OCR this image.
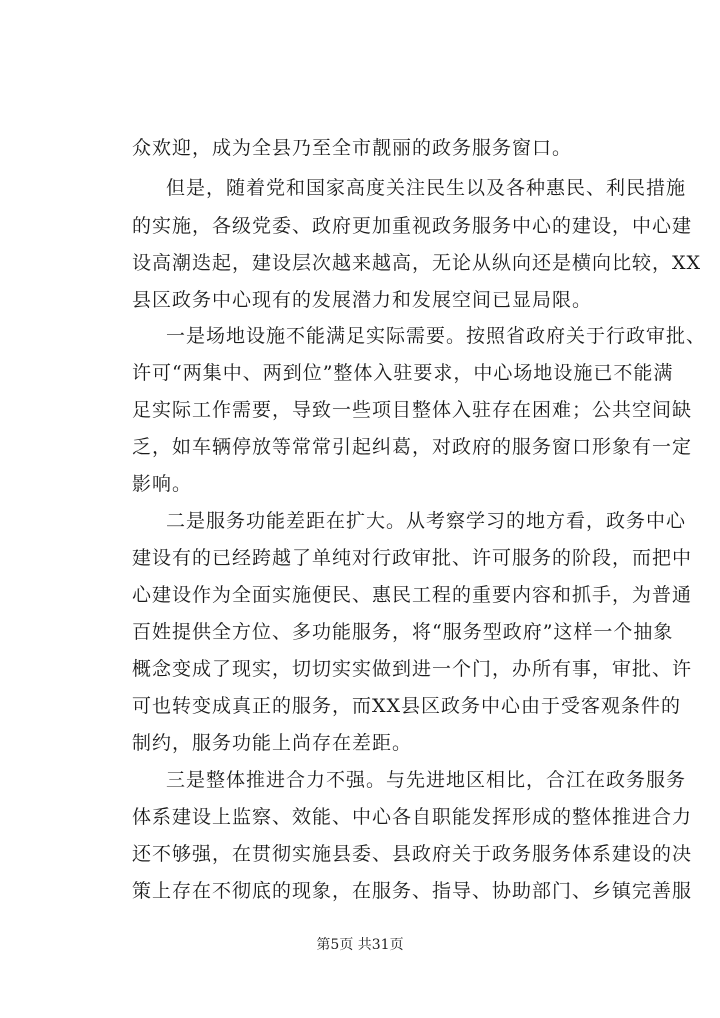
众欢迎，成为全县乃至全市靓丽的政务服务窗口。
但是，随着党和国家高度关注民生以及各种惠民、利民措施
的实施，各级党委、政府更加重视政务服务中心的建设，中心建
设高潮迭起，建设层次越来越高，无论从纵向还是横向比较，XX
县区政务中心现有的发展潜力和发展空间已显局限。
一是场地设施不能满足实际需要。按照省政府关于行政审批、
许可“两集中、两到位”整体入驻要求，中心场地设施已不能满
足实际工作需要，导致一些项目整体入驻存在困难；公共空间缺
乏，如车辆停放等常常引起纠葛，对政府的服务窗口形象有一定
影响。
二是服务功能差距在扩大。从考察学习的地方看，政务中心
建设有的已经跨越了单纯对行政审批、许可服务的阶段，而把中
心建设作为全面实施便民、惠民工程的重要内容和抓手，为普通
百姓提供全方位、多功能服务，将“服务型政府”这样一个抽象
概念变成了现实，切切实实做到进一个门，办所有事，审批、许
可也转变成真正的服务，而XX县区政务中心由于受客观条件的
制约，服务功能上尚存在差距。
三是整体推进合力不强。与先进地区相比，合江在政务服务
体系建设上监察、效能、中心各自职能发挥形成的整体推进合力
还不够强，在贯彻实施县委、县政府关于政务服务体系建设的决
策上存在不彻底的现象，在服务、指导、协助部门、乡镇完善服
第5页 共31页
